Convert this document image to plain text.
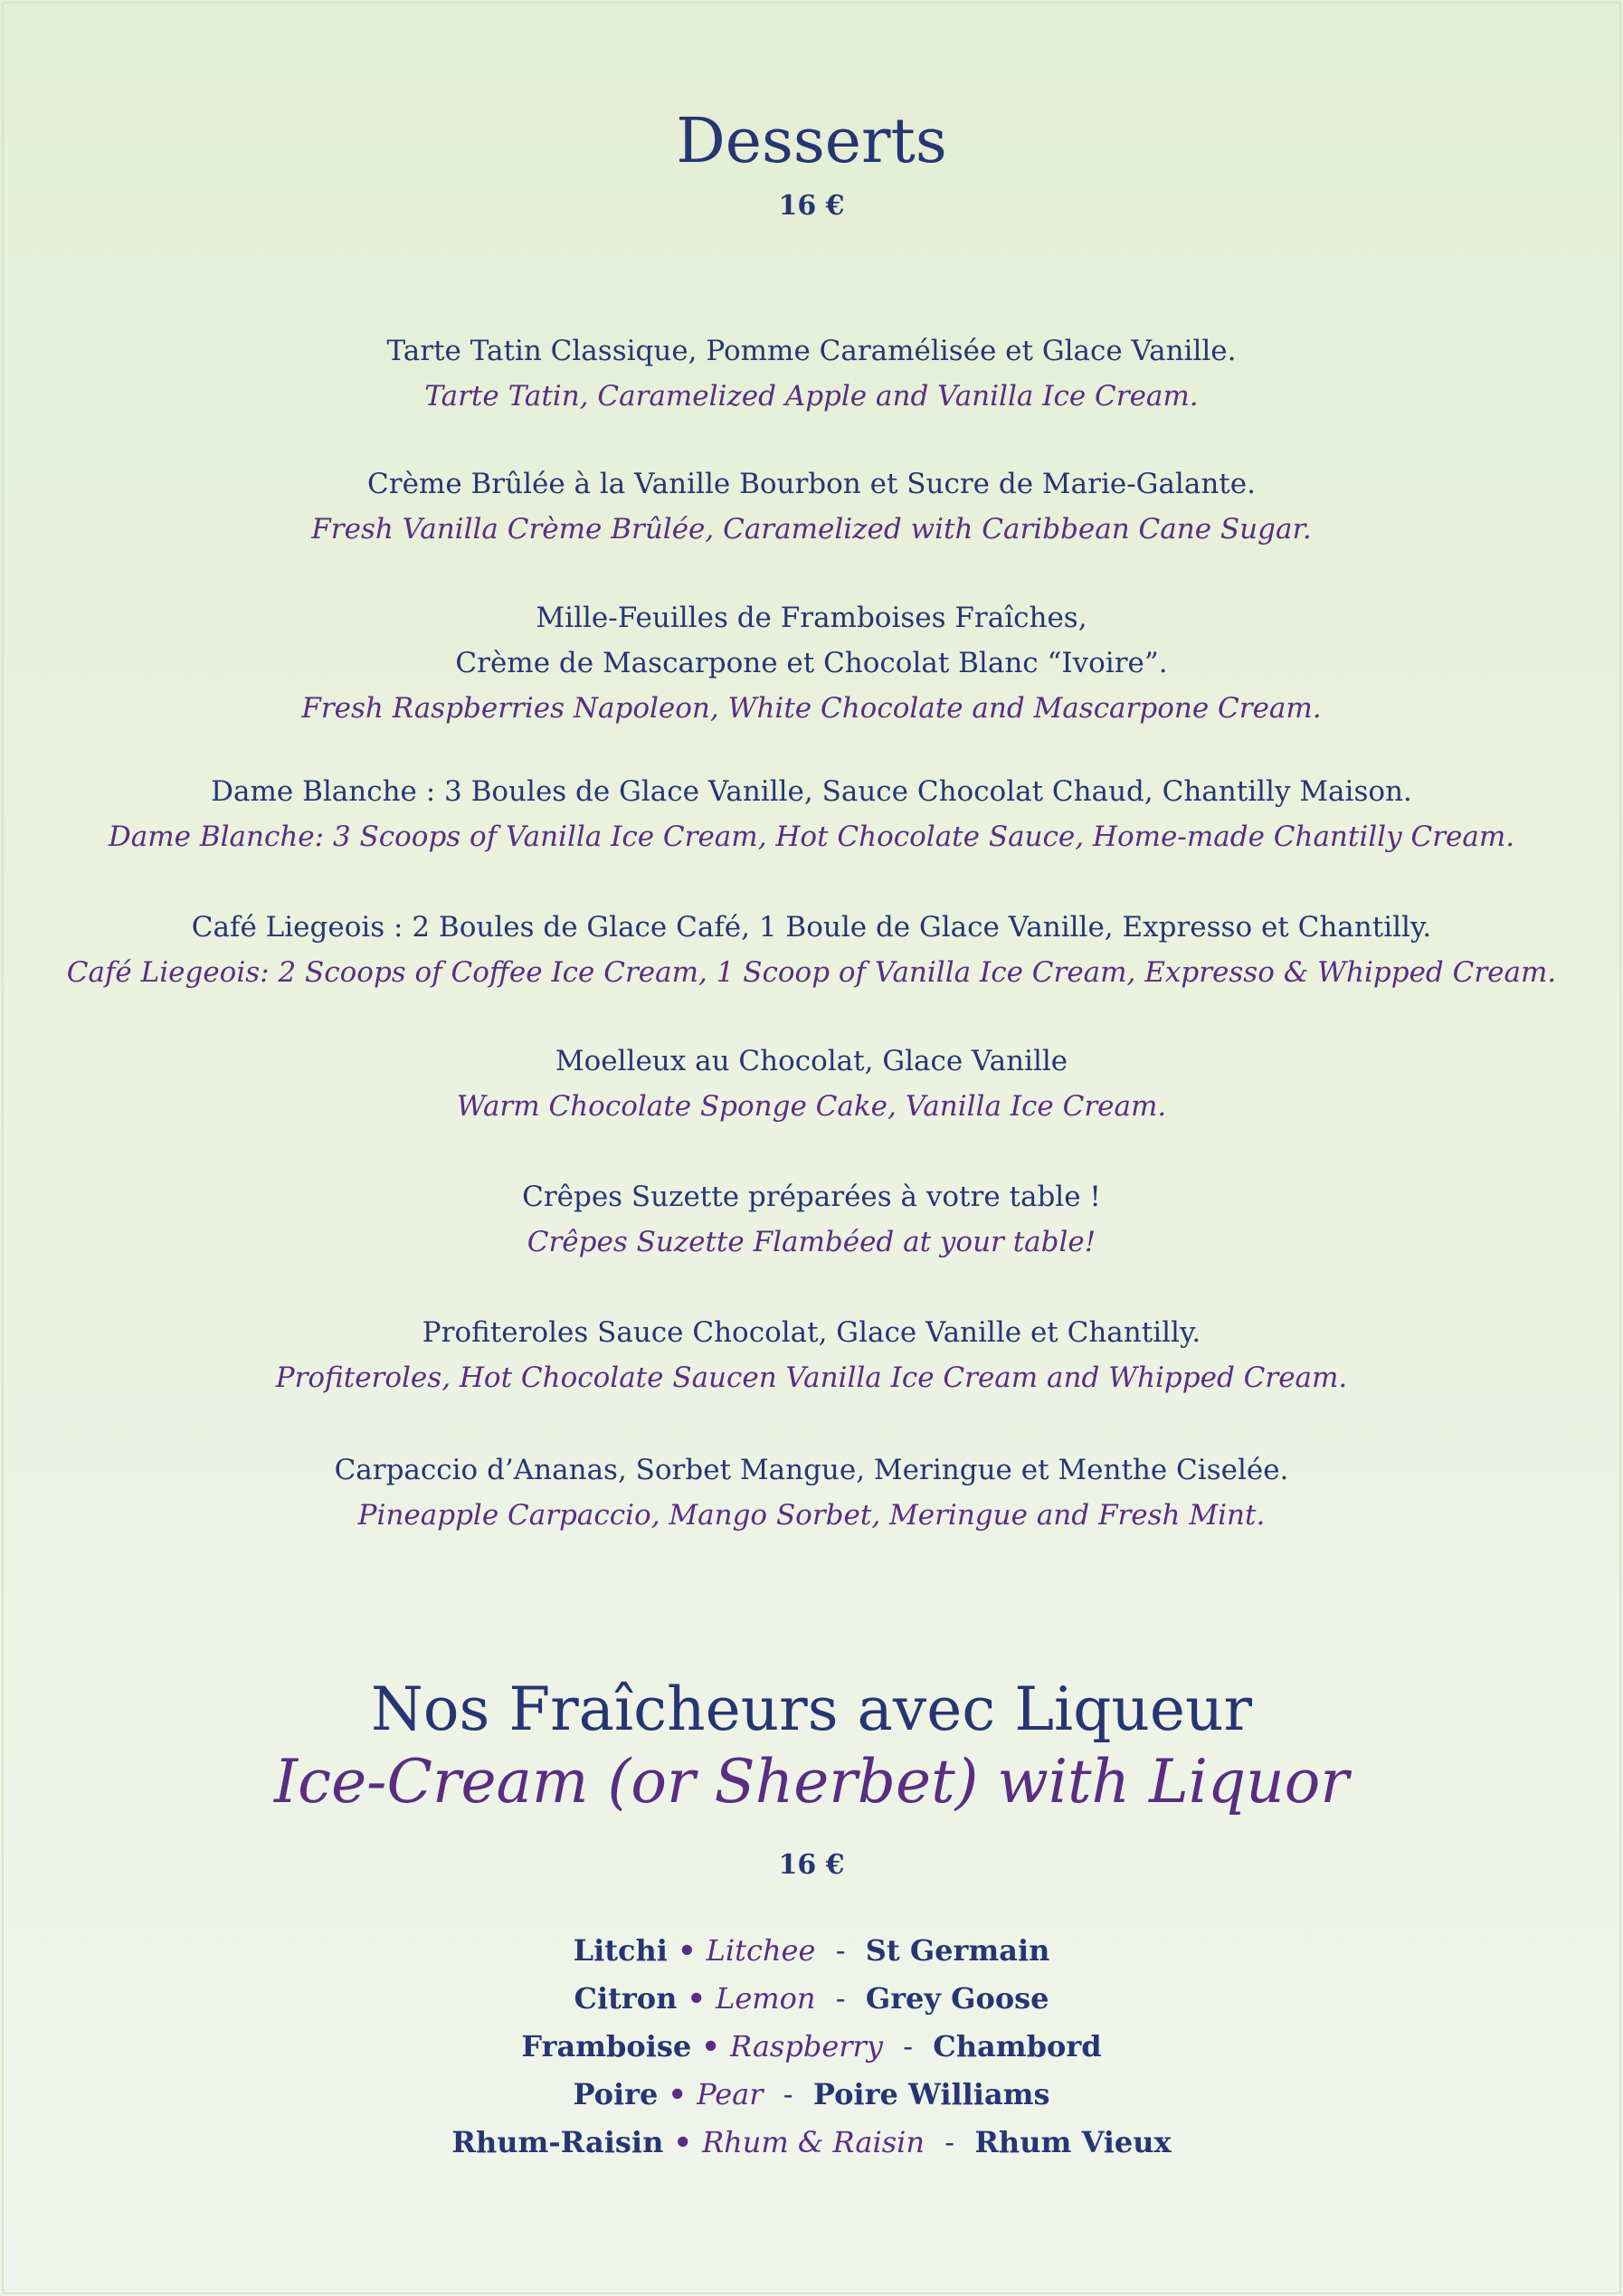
Desserts
16 €
Tarte Tatin Classique, Pomme Caramélisée et Glace Vanille.
Tarte Tatin, Caramelized Apple and Vanilla Ice Cream.
Crème Brûlée à la Vanille Bourbon et Sucre de Marie-Galante.
Fresh Vanilla Crème Brûlée, Caramelized with Caribbean Cane Sugar.
Mille-Feuilles de Framboises Fraîches,
Crème de Mascarpone et Chocolat Blanc “Ivoire”.
Fresh Raspberries Napoleon, White Chocolate and Mascarpone Cream.
Dame Blanche : 3 Boules de Glace Vanille, Sauce Chocolat Chaud, Chantilly Maison.
Dame Blanche: 3 Scoops of Vanilla Ice Cream, Hot Chocolate Sauce, Home-made Chantilly Cream.
Café Liegeois : 2 Boules de Glace Café, 1 Boule de Glace Vanille, Expresso et Chantilly.
Café Liegeois: 2 Scoops of Coffee Ice Cream, 1 Scoop of Vanilla Ice Cream, Expresso & Whipped Cream.
Moelleux au Chocolat, Glace Vanille
Warm Chocolate Sponge Cake, Vanilla Ice Cream.
Crêpes Suzette préparées à votre table !
Crêpes Suzette Flambéed at your table!
Profiteroles Sauce Chocolat, Glace Vanille et Chantilly.
Profiteroles, Hot Chocolate Saucen Vanilla Ice Cream and Whipped Cream.
Carpaccio d’Ananas, Sorbet Mangue, Meringue et Menthe Ciselée.
Pineapple Carpaccio, Mango Sorbet, Meringue and Fresh Mint.
Nos Fraîcheurs avec Liqueur
Ice-Cream (or Sherbet) with Liquor
16 €
Litchi • Litchee - St Germain
Citron • Lemon - Grey Goose
Framboise • Raspberry - Chambord
Poire • Pear - Poire Williams
Rhum-Raisin • Rhum & Raisin - Rhum Vieux
